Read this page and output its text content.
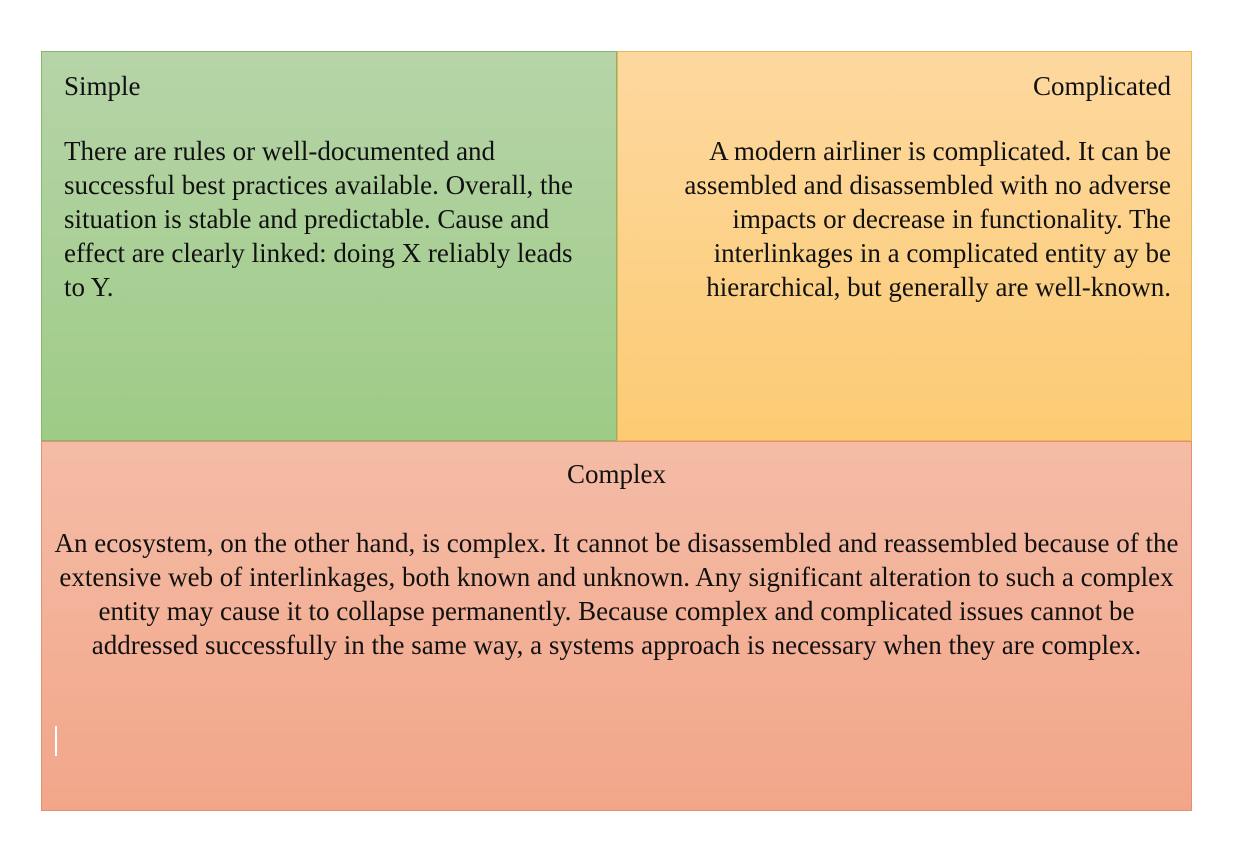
Simple

There are rules or well-documented and successful best practices available. Overall, the situation is stable and predictable. Cause and effect are clearly linked: doing X reliably leads to Y.

Complicated

A modern airliner is complicated. It can be assembled and disassembled with no adverse impacts or decrease in functionality. The interlinkages in a complicated entity ay be hierarchical, but generally are well-known.

Complex

An ecosystem, on the other hand, is complex. It cannot be disassembled and reassembled because of the extensive web of interlinkages, both known and unknown. Any significant alteration to such a complex entity may cause it to collapse permanently. Because complex and complicated issues cannot be addressed successfully in the same way, a systems approach is necessary when they are complex.
